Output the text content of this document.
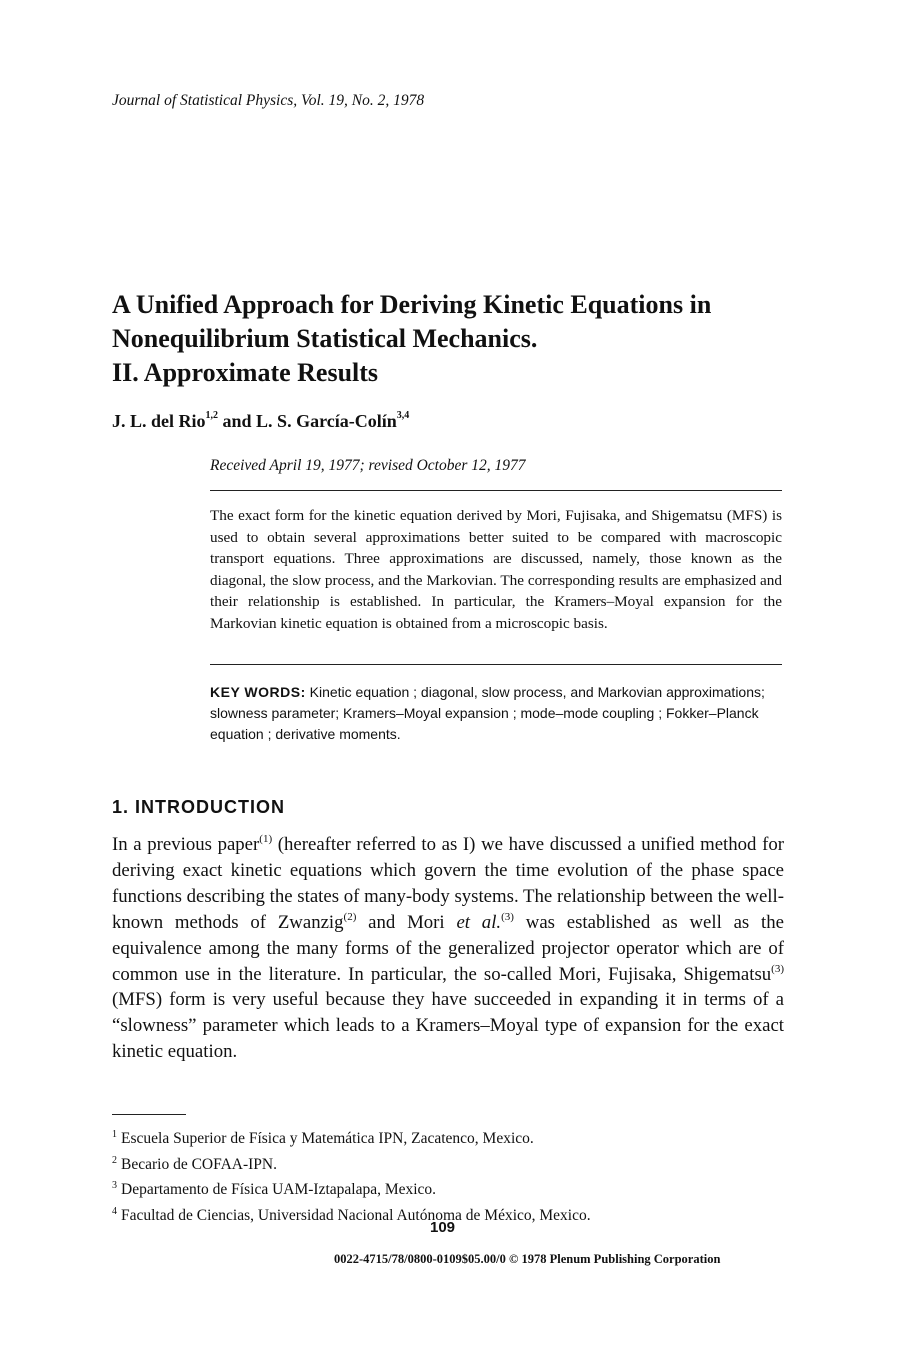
Journal of Statistical Physics, Vol. 19, No. 2, 1978
A Unified Approach for Deriving Kinetic Equations in
Nonequilibrium Statistical Mechanics.
II. Approximate Results
J. L. del Rio$^{1,2}$ and L. S. García-Colín$^{3,4}$
Received April 19, 1977; revised October 12, 1977
The exact form for the kinetic equation derived by Mori, Fujisaka, and Shigematsu (MFS) is used to obtain several approximations better suited to be compared with macroscopic transport equations. Three approximations are discussed, namely, those known as the diagonal, the slow process, and the Markovian. The corresponding results are emphasized and their relationship is established. In particular, the Kramers–Moyal expansion for the Markovian kinetic equation is obtained from a microscopic basis.
KEY WORDS: Kinetic equation ; diagonal, slow process, and Markovian approximations; slowness parameter; Kramers–Moyal expansion ; mode–mode coupling ; Fokker–Planck equation ; derivative moments.
1. INTRODUCTION
In a previous paper$^{(1)}$ (hereafter referred to as I) we have discussed a unified method for deriving exact kinetic equations which govern the time evolution of the phase space functions describing the states of many-body systems. The relationship between the well-known methods of Zwanzig$^{(2)}$ and Mori et al.$^{(3)}$ was established as well as the equivalence among the many forms of the generalized projector operator which are of common use in the literature. In particular, the so-called Mori, Fujisaka, Shigematsu$^{(3)}$ (MFS) form is very useful because they have succeeded in expanding it in terms of a “slowness” parameter which leads to a Kramers–Moyal type of expansion for the exact kinetic equation.
$^1$ Escuela Superior de Física y Matemática IPN, Zacatenco, Mexico.
$^2$ Becario de COFAA-IPN.
$^3$ Departamento de Física UAM-Iztapalapa, Mexico.
$^4$ Facultad de Ciencias, Universidad Nacional Autónoma de México, Mexico.
109
0022-4715/78/0800-0109$05.00/0 © 1978 Plenum Publishing Corporation
